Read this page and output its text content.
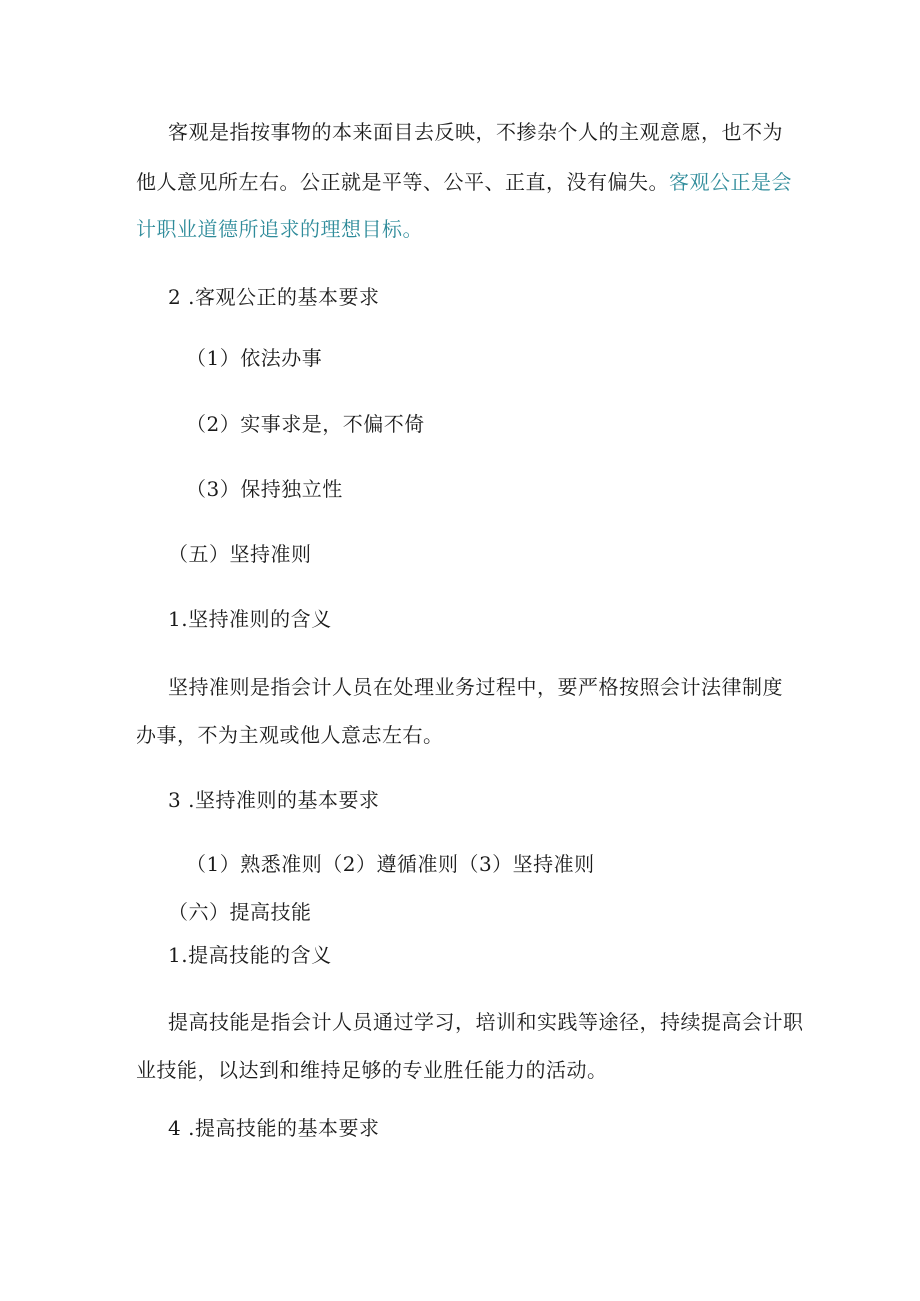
客观是指按事物的本来面目去反映，不掺杂个人的主观意愿，也不为
他人意见所左右。公正就是平等、公平、正直，没有偏失。客观公正是会
计职业道德所追求的理想目标。
2 .客观公正的基本要求
（1）依法办事
（2）实事求是，不偏不倚
（3）保持独立性
（五）坚持准则
1.坚持准则的含义
坚持准则是指会计人员在处理业务过程中，要严格按照会计法律制度
办事，不为主观或他人意志左右。
3 .坚持准则的基本要求
（1）熟悉准则（2）遵循准则（3）坚持准则
（六）提高技能
1.提高技能的含义
提高技能是指会计人员通过学习，培训和实践等途径，持续提高会计职
业技能，以达到和维持足够的专业胜任能力的活动。
4 .提高技能的基本要求
